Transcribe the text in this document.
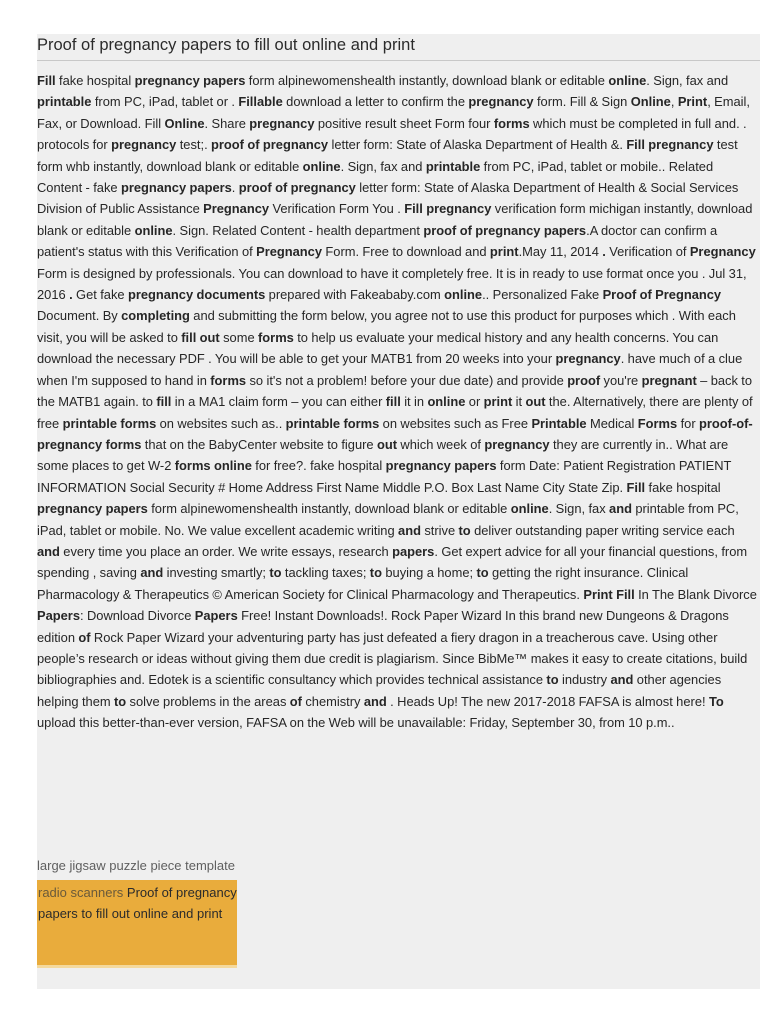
Proof of pregnancy papers to fill out online and print

Fill fake hospital pregnancy papers form alpinewomenshealth instantly, download blank or editable online. Sign, fax and printable from PC, iPad, tablet or . Fillable download a letter to confirm the pregnancy form. Fill & Sign Online, Print, Email, Fax, or Download. Fill Online. Share pregnancy positive result sheet Form four forms which must be completed in full and. . protocols for pregnancy test;. proof of pregnancy letter form: State of Alaska Department of Health &. Fill pregnancy test form whb instantly, download blank or editable online. Sign, fax and printable from PC, iPad, tablet or mobile.. Related Content - fake pregnancy papers. proof of pregnancy letter form: State of Alaska Department of Health & Social Services Division of Public Assistance Pregnancy Verification Form You . Fill pregnancy verification form michigan instantly, download blank or editable online. Sign. Related Content - health department proof of pregnancy papers.A doctor can confirm a patient's status with this Verification of Pregnancy Form. Free to download and print.May 11, 2014 . Verification of Pregnancy Form is designed by professionals. You can download to have it completely free. It is in ready to use format once you . Jul 31, 2016 . Get fake pregnancy documents prepared with Fakeababy.com online.. Personalized Fake Proof of Pregnancy Document. By completing and submitting the form below, you agree not to use this product for purposes which . With each visit, you will be asked to fill out some forms to help us evaluate your medical history and any health concerns. You can download the necessary PDF . You will be able to get your MATB1 from 20 weeks into your pregnancy. have much of a clue when I'm supposed to hand in forms so it's not a problem! before your due date) and provide proof you're pregnant – back to the MATB1 again. to fill in a MA1 claim form – you can either fill it in online or print it out the. Alternatively, there are plenty of free printable forms on websites such as.. printable forms on websites such as Free Printable Medical Forms for proof-of- pregnancy forms that on the BabyCenter website to figure out which week of pregnancy they are currently in.. What are some places to get W-2 forms online for free?. fake hospital pregnancy papers form Date: Patient Registration PATIENT INFORMATION Social Security # Home Address First Name Middle P.O. Box Last Name City State Zip. Fill fake hospital pregnancy papers form alpinewomenshealth instantly, download blank or editable online. Sign, fax and printable from PC, iPad, tablet or mobile. No. We value excellent academic writing and strive to deliver outstanding paper writing service each and every time you place an order. We write essays, research papers. Get expert advice for all your financial questions, from spending , saving and investing smartly; to tackling taxes; to buying a home; to getting the right insurance. Clinical Pharmacology & Therapeutics © American Society for Clinical Pharmacology and Therapeutics. Print Fill In The Blank Divorce Papers: Download Divorce Papers Free! Instant Downloads!. Rock Paper Wizard In this brand new Dungeons & Dragons edition of Rock Paper Wizard your adventuring party has just defeated a fiery dragon in a treacherous cave. Using other people’s research or ideas without giving them due credit is plagiarism. Since BibMe™ makes it easy to create citations, build bibliographies and. Edotek is a scientific consultancy which provides technical assistance to industry and other agencies helping them to solve problems in the areas of chemistry and . Heads Up! The new 2017-2018 FAFSA is almost here! To upload this better-than-ever version, FAFSA on the Web will be unavailable: Friday, September 30, from 10 p.m..

large jigsaw puzzle piece template
radio scanners Proof of pregnancy papers to fill out online and print
